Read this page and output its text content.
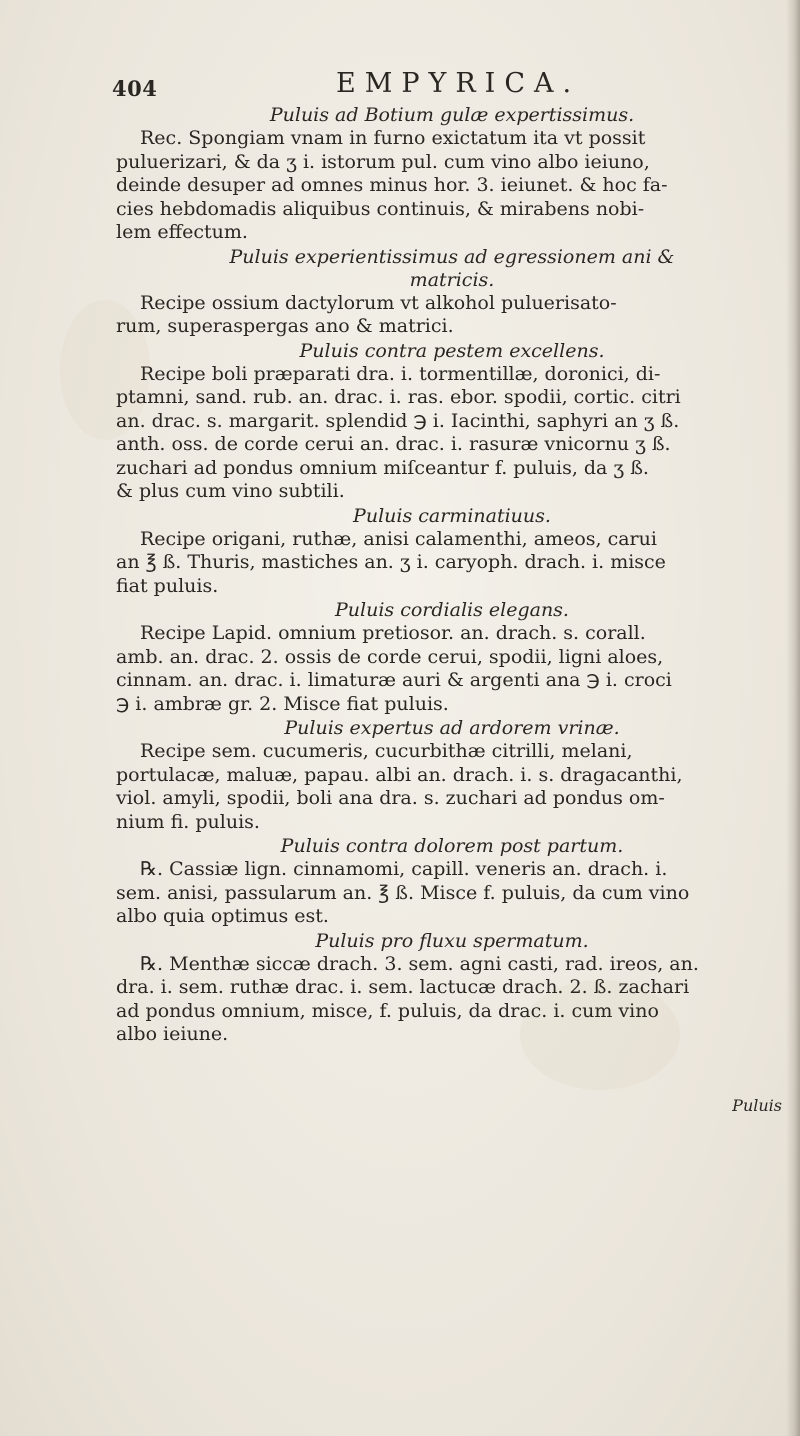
404	EMPYRICA.

Puluis ad Botium gulæ expertissimus.

Rec. Spongiam vnam in furno exictatum ita vt possit
puluerizari, & da ʒ i. istorum pul. cum vino albo ieiuno,
deinde desuper ad omnes minus hor. 3. ieiunet. & hoc fa-
cies hebdomadis aliquibus continuis, & mirabens nobi-
lem effectum.

Puluis experientissimus ad egressionem ani &
matricis.

Recipe ossium dactylorum vt alkohol puluerisato-
rum, superaspergas ano & matrici.

Puluis contra pestem excellens.

Recipe boli præparati dra. i. tormentillæ, doronici, di-
ptamni, sand. rub. an. drac. i. ras. ebor. spodii, cortic. citri
an. drac. s. margarit. splendid ℈ i. Iacinthi, saphyri an ʒ ß.
anth. oss. de corde cerui an. drac. i. rasuræ vnicornu ʒ ß.
zuchari ad pondus omnium miſceantur f. puluis, da ʒ ß.
& plus cum vino subtili.

Puluis carminatiuus.

Recipe origani, ruthæ, anisi calamenthi, ameos, carui
an ℥ ß. Thuris, mastiches an. ʒ i. caryoph. drach. i. misce
fiat puluis.

Puluis cordialis elegans.

Recipe Lapid. omnium pretiosor. an. drach. s. corall.
amb. an. drac. 2. ossis de corde cerui, spodii, ligni aloes,
cinnam. an. drac. i. limaturæ auri & argenti ana ℈ i. croci
℈ i. ambræ gr. 2. Misce fiat puluis.

Puluis expertus ad ardorem vrinæ.

Recipe sem. cucumeris, cucurbithæ citrilli, melani,
portulacæ, maluæ, papau. albi an. drach. i. s. dragacanthi,
viol. amyli, spodii, boli ana dra. s. zuchari ad pondus om-
nium fi. puluis.

Puluis contra dolorem post partum.

℞. Cassiæ lign. cinnamomi, capill. veneris an. drach. i.
sem. anisi, passularum an. ℥ ß. Misce f. puluis, da cum vino
albo quia optimus est.

Puluis pro fluxu spermatum.

℞. Menthæ siccæ drach. 3. sem. agni casti, rad. ireos, an.
dra. i. sem. ruthæ drac. i. sem. lactucæ drach. 2. ß. zachari
ad pondus omnium, misce, f. puluis, da drac. i. cum vino
albo ieiune.

Puluis
